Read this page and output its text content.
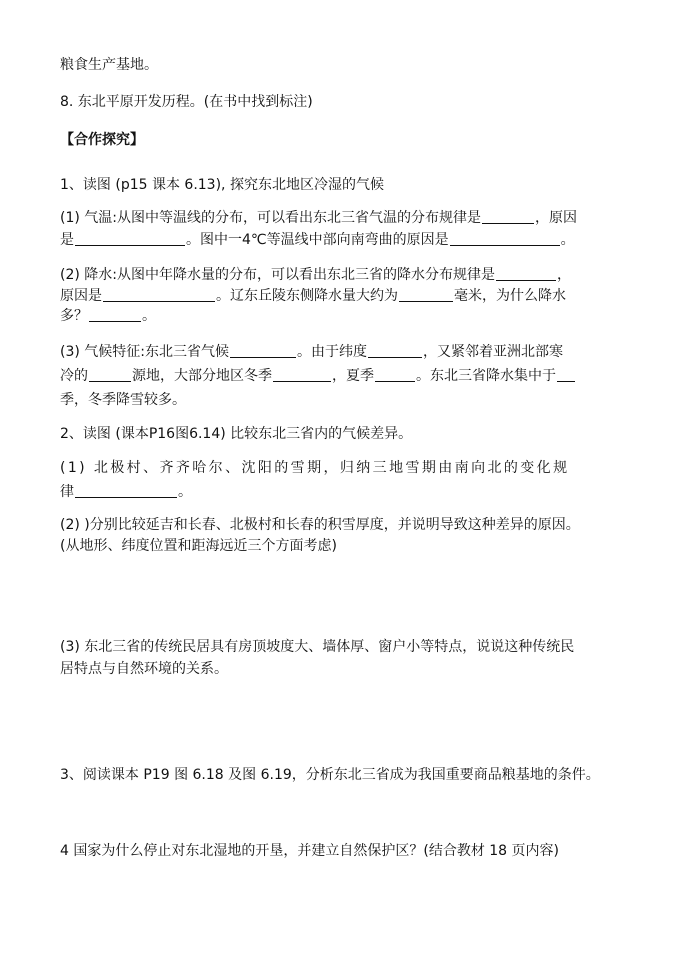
粮食生产基地。
8. 东北平原开发历程。(在书中找到标注)
【合作探究】
1、读图 (p15 课本 6.13), 探究东北地区冷湿的气候
(1) 气温:从图中等温线的分布，可以看出东北三省气温的分布规律是	，原因
是	。图中一4℃等温线中部向南弯曲的原因是	。
(2) 降水:从图中年降水量的分布，可以看出东北三省的降水分布规律是	，
原因是	。辽东丘陵东侧降水量大约为	毫米，为什么降水
多？	。
(3) 气候特征:东北三省气候	。由于纬度	，又紧邻着亚洲北部寒
冷的	源地，大部分地区冬季	，夏季	。东北三省降水集中于
季，冬季降雪较多。
2、读图 (课本P16图6.14) 比较东北三省内的气候差异。
(1) 北极村、齐齐哈尔、沈阳的雪期，归纳三地雪期由南向北的变化规
律	。
(2) )分别比较延吉和长春、北极村和长春的积雪厚度，并说明导致这种差异的原因。
(从地形、纬度位置和距海远近三个方面考虑)
(3) 东北三省的传统民居具有房顶坡度大、墙体厚、窗户小等特点，说说这种传统民
居特点与自然环境的关系。
3、阅读课本 P19 图 6.18 及图 6.19，分析东北三省成为我国重要商品粮基地的条件。
4 国家为什么停止对东北湿地的开垦，并建立自然保护区？(结合教材 18 页内容)
